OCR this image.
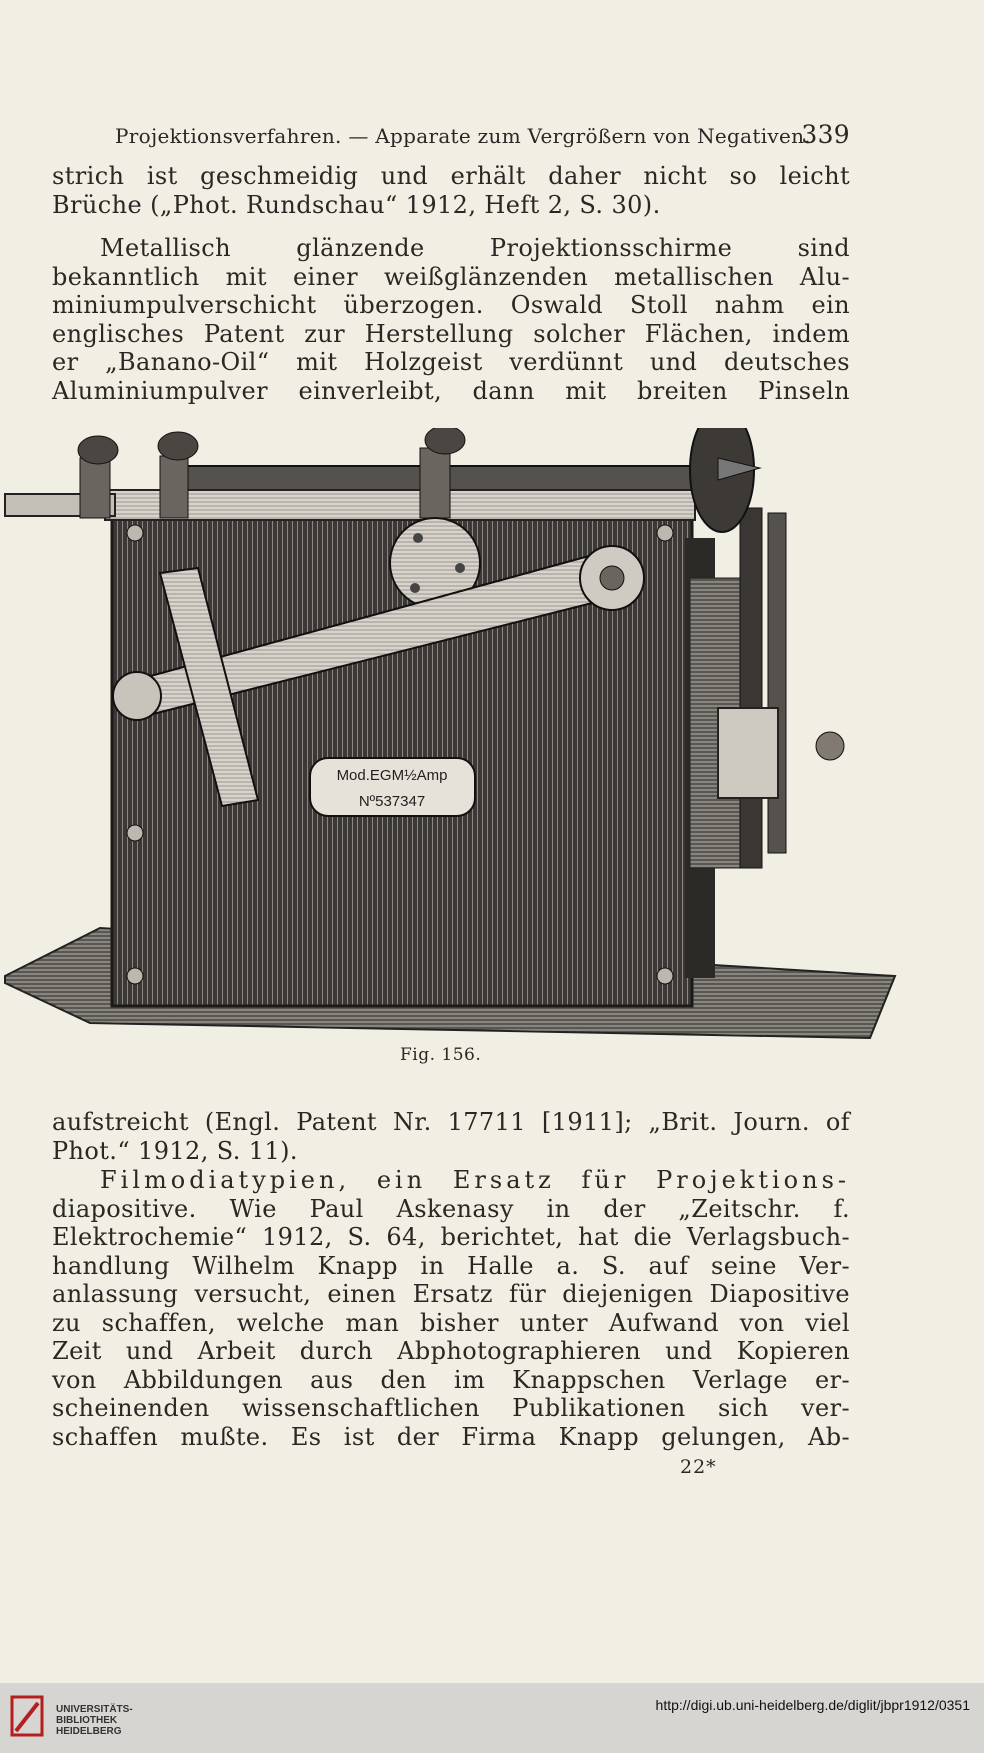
Projektionsverfahren. — Apparate zum Vergrößern von Negativen.
339
strich ist geschmeidig und erhält daher nicht so leicht
Brüche („Phot. Rundschau“ 1912, Heft 2, S. 30).
Metallisch glänzende Projektionsschirme sind
bekanntlich mit einer weißglänzenden metallischen Alu-
miniumpulverschicht überzogen. Oswald Stoll nahm ein
englisches Patent zur Herstellung solcher Flächen, indem
er „Banano-Oil“ mit Holzgeist verdünnt und deutsches
Aluminiumpulver einverleibt, dann mit breiten Pinseln
Mod.EGM½Amp
Nº537347
Fig. 156.
aufstreicht (Engl. Patent Nr. 17711 [1911]; „Brit. Journ. of
Phot.“ 1912, S. 11).
Filmodiatypien, ein Ersatz für Projektions-
diapositive. Wie Paul Askenasy in der „Zeitschr. f.
Elektrochemie“ 1912, S. 64, berichtet, hat die Verlagsbuch-
handlung Wilhelm Knapp in Halle a. S. auf seine Ver-
anlassung versucht, einen Ersatz für diejenigen Diapositive
zu schaffen, welche man bisher unter Aufwand von viel
Zeit und Arbeit durch Abphotographieren und Kopieren
von Abbildungen aus den im Knappschen Verlage er-
scheinenden wissenschaftlichen Publikationen sich ver-
schaffen mußte. Es ist der Firma Knapp gelungen, Ab-
22*
UNIVERSITÄTS-
BIBLIOTHEK
HEIDELBERG
http://digi.ub.uni-heidelberg.de/diglit/jbpr1912/0351
